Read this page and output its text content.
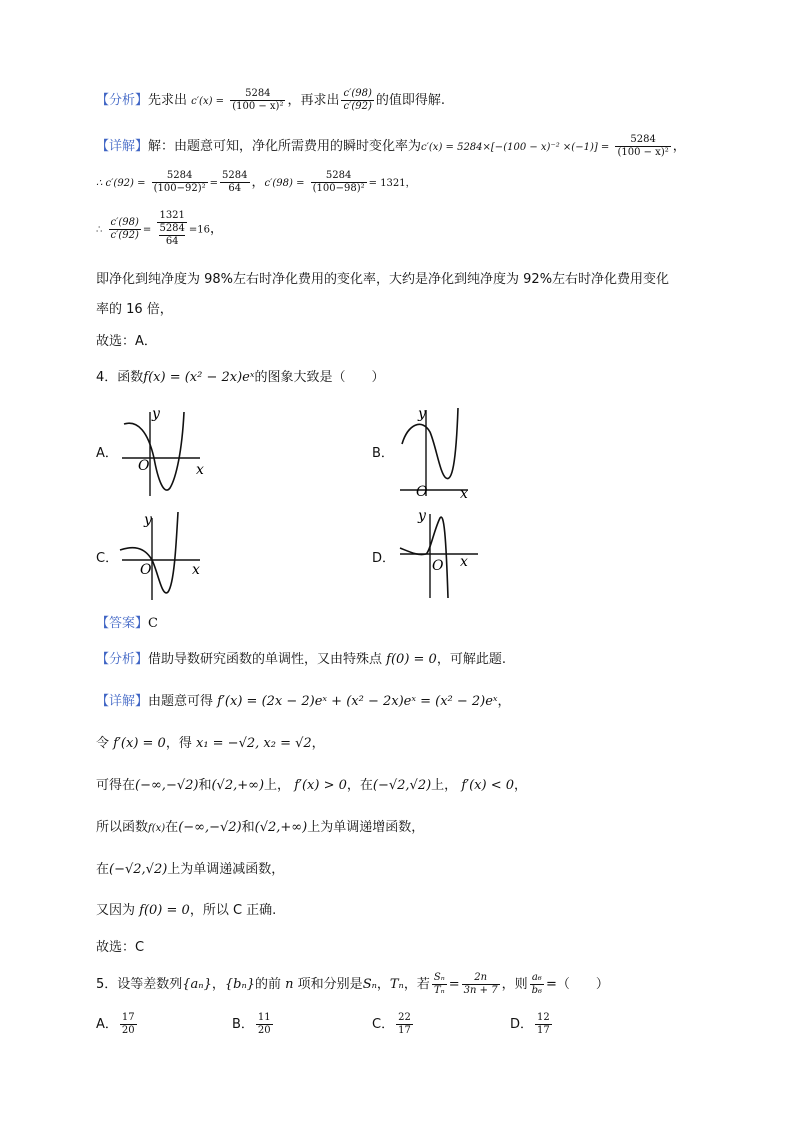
【分析】先求出 $c'(x) = \frac{5284}{\text{(100 − x)²}}$ ，再求出 $\frac{c'(98)}{c'(92)}$ 的值即得解.
【详解】解：由题意可知，净化所需费用的瞬时变化率为$c'(x) = 5284\times[-(100 - x)^{-2} \times(-1)] = \frac{5284}{\text{(100 − x)²}}$ ，
∴ $c'(92) = \frac{5284}{\text{(100−92)²}} = \frac{5284}{64}$ ，$c'(98) = \frac{5284}{\text{(100−98)²}} = 1321$，
∴ $\frac{c'(98)}{c'(92)} = 1321$
5284
64 =16，
即净化到纯净度为 98%左右时净化费用的变化率，大约是净化到纯净度为 92%左右时净化费用变化
率的 16 倍，
故选：A．
4．函数f(x) = (x² − 2x)eˣ的图象大致是（　　）
A．	B．
C．	D．
y
x
O
y
x
O
y
x
O
y
x
O
【答案】C
【分析】借助导数研究函数的单调性，又由特殊点 f(0) = 0，可解此题.
【详解】由题意可得 f′(x) = (2x − 2)eˣ + (x² − 2x)eˣ = (x² − 2)eˣ，
令 f′(x) = 0，得 x₁ = −√2, x₂ = √2，
可得在(−∞,−√2)和(√2,+∞)上， f′(x) > 0，在(−√2,√2)上， f′(x) < 0，
所以函数f(x)在(−∞,−√2)和(√2,+∞)上为单调递增函数，
在(−√2,√2)上为单调递减函数，
又因为 f(0) = 0，所以 C 正确.
故选：C
5．设等差数列{aₙ}，{bₙ}的前 n 项和分别是Sₙ，Tₙ，若 $\frac{\text{Sₙ}}{\text{Tₙ}} = \frac{2n}{3n + 7}$ ，则 $\frac{\text{a₆}}{\text{b₆}}$ =（　　）
A． $\frac{17}{20}$	B． $\frac{11}{20}$	C． $\frac{22}{17}$	D． $\frac{12}{17}$
